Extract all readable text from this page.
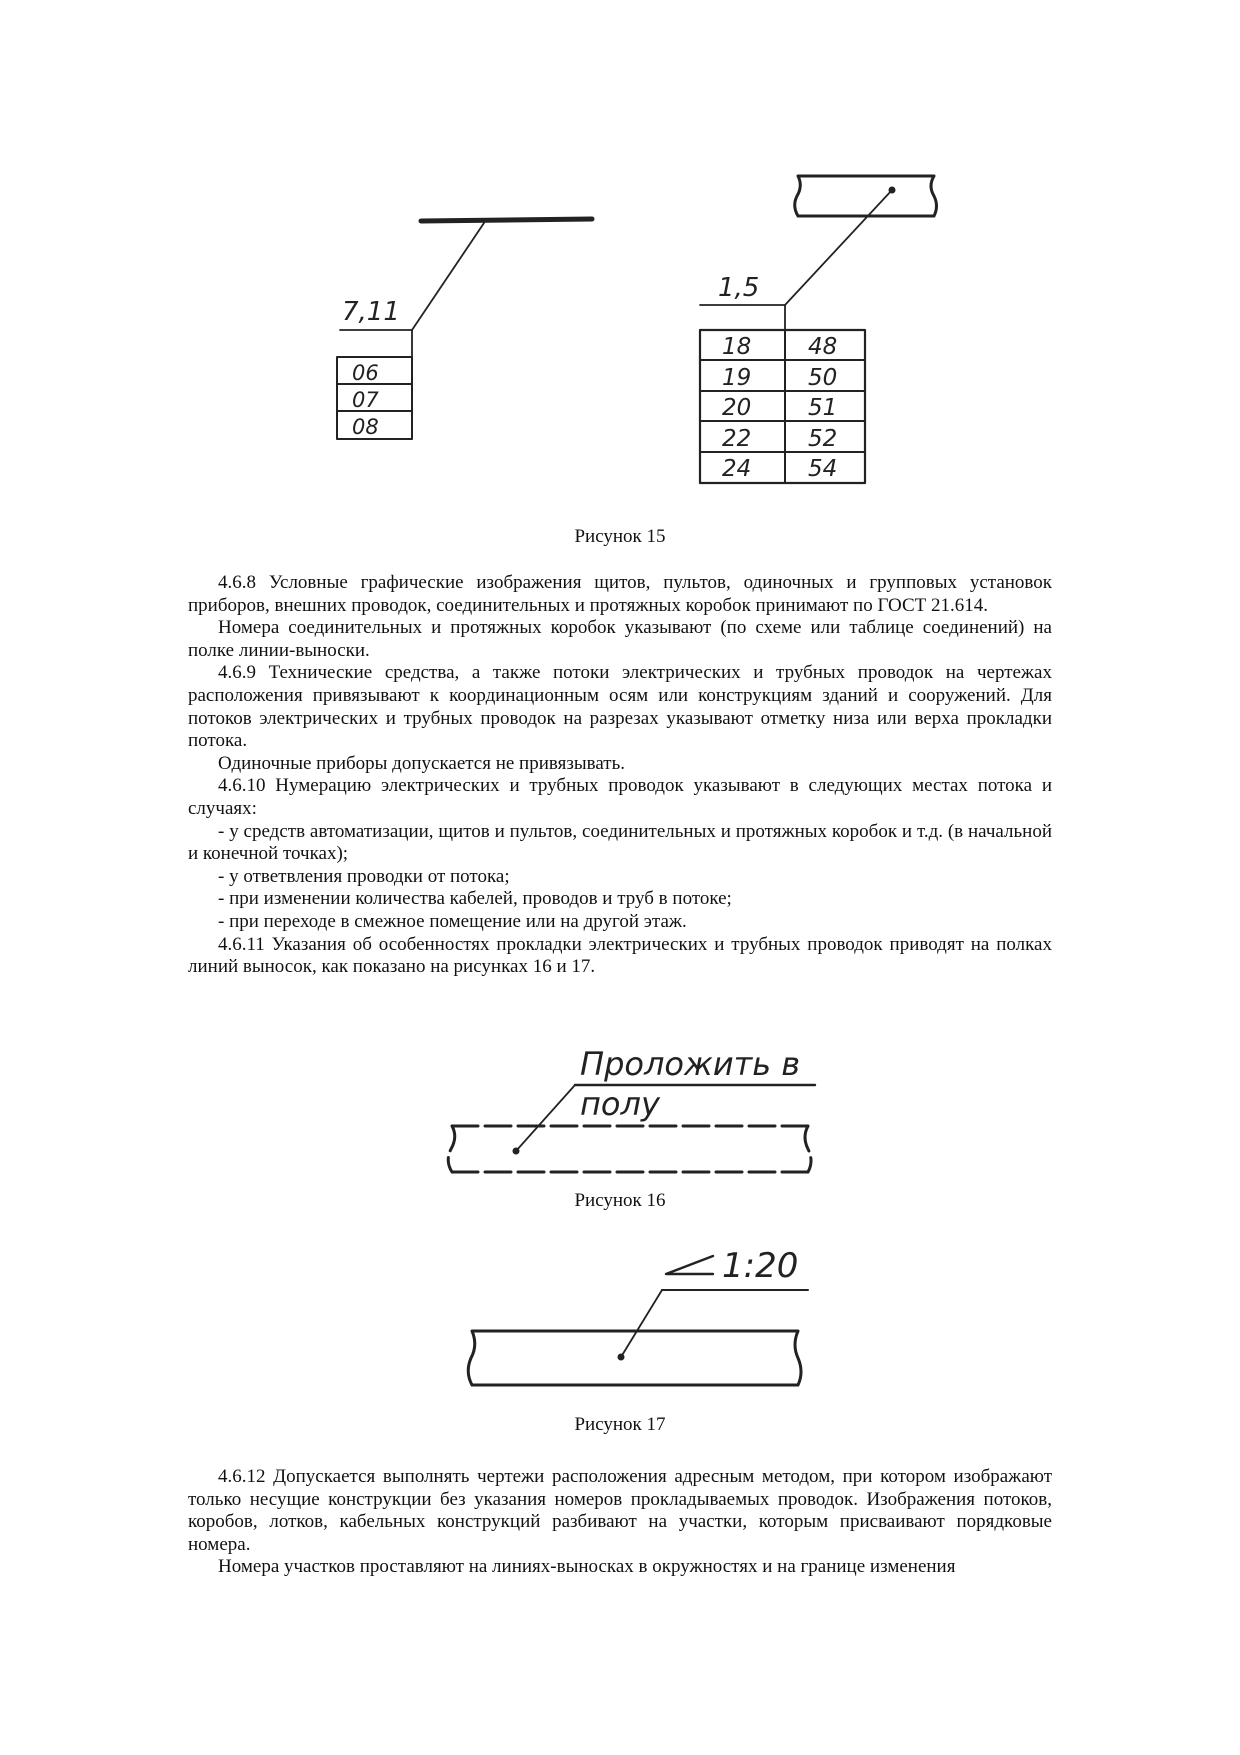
7,11
06
07
08
1,5
18 48
19 50
20 51
22 52
24 54

Рисунок 15

4.6.8 Условные графические изображения щитов, пультов, одиночных и групповых установок приборов, внешних проводок, соединительных и протяжных коробок принимают по ГОСТ 21.614.

Номера соединительных и протяжных коробок указывают (по схеме или таблице соединений) на полке линии-выноски.

4.6.9 Технические средства, а также потоки электрических и трубных проводок на чертежах расположения привязывают к координационным осям или конструкциям зданий и сооружений. Для потоков электрических и трубных проводок на разрезах указывают отметку низа или верха прокладки потока.

Одиночные приборы допускается не привязывать.

4.6.10 Нумерацию электрических и трубных проводок указывают в следующих местах потока и случаях:

- у средств автоматизации, щитов и пультов, соединительных и протяжных коробок и т.д. (в начальной и конечной точках);

- у ответвления проводки от потока;

- при изменении количества кабелей, проводов и труб в потоке;

- при переходе в смежное помещение или на другой этаж.

4.6.11 Указания об особенностях прокладки электрических и трубных проводок приводят на полках линий выносок, как показано на рисунках 16 и 17.

Проложить в
полу

Рисунок 16

1:20

Рисунок 17

4.6.12 Допускается выполнять чертежи расположения адресным методом, при котором изображают только несущие конструкции без указания номеров прокладываемых проводок. Изображения потоков, коробов, лотков, кабельных конструкций разбивают на участки, которым присваивают порядковые номера.

Номера участков проставляют на линиях-выносках в окружностях и на границе изменения
